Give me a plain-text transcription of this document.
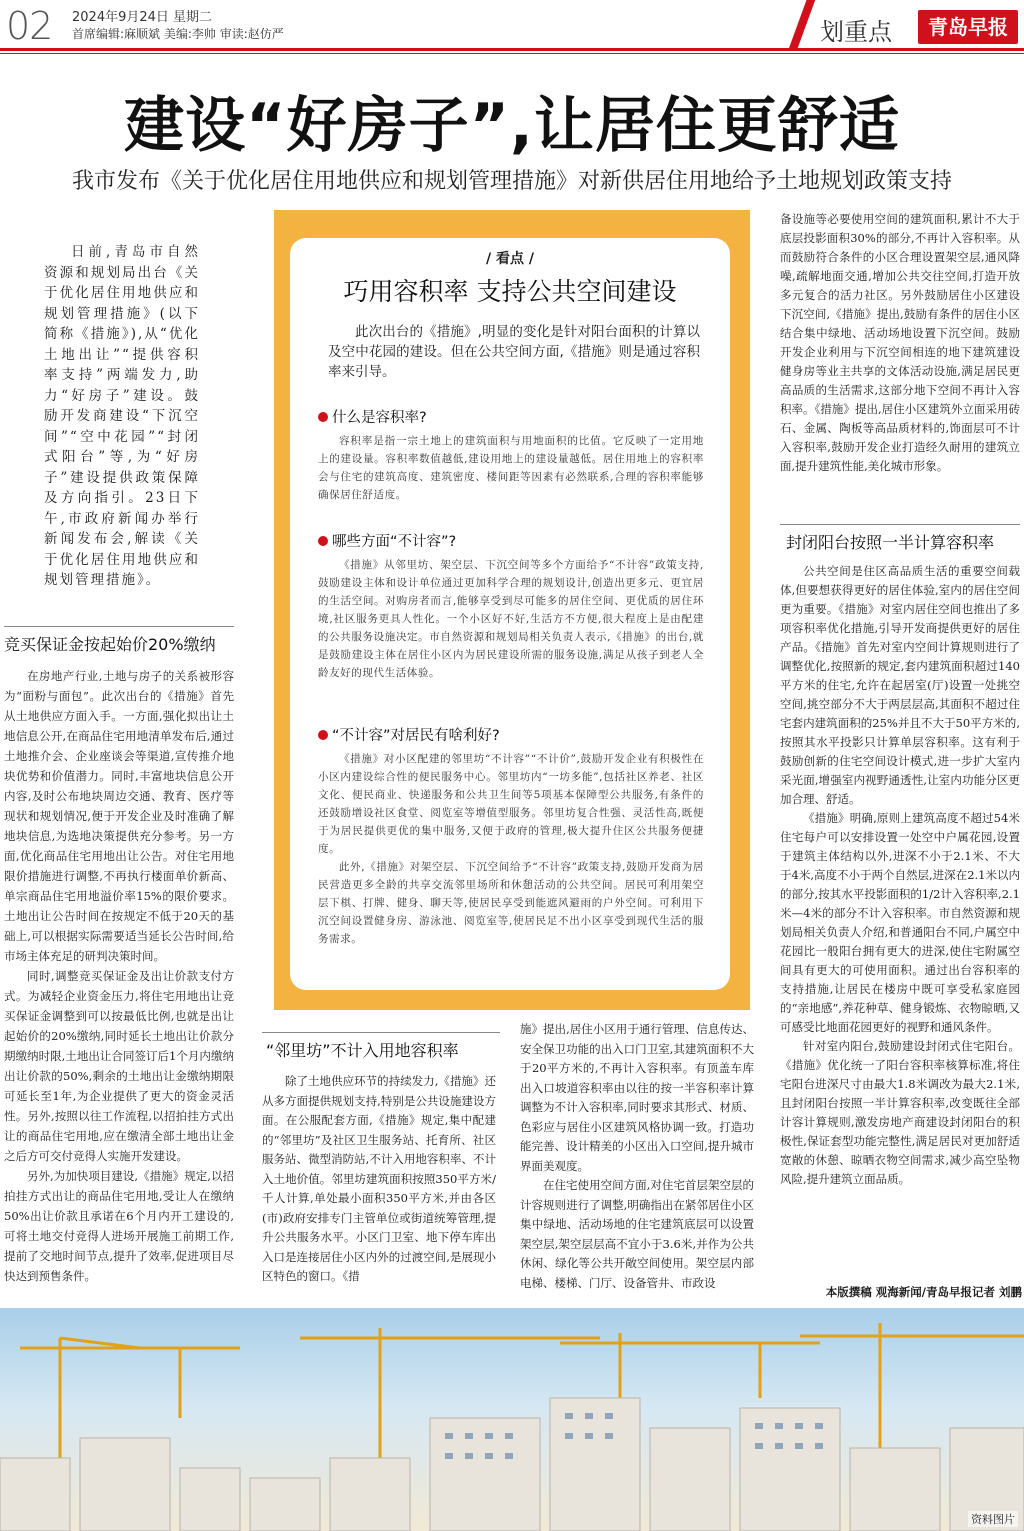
02 2024年9月24日 星期二
首席编辑:麻顺斌 美编:李帅 审读:赵仿严	划重点	青岛早报
建设“好房子”,让居住更舒适
我市发布《关于优化居住用地供应和规划管理措施》对新供居住用地给予土地规划政策支持

日前,青岛市自然资源和规划局出台《关于优化居住用地供应和规划管理措施》(以下简称《措施》),从“优化土地出让”“提供容积率支持”两端发力,助力“好房子”建设。鼓励开发商建设“下沉空间”“空中花园”“封闭式阳台”等,为“好房子”建设提供政策保障及方向指引。23日下午,市政府新闻办举行新闻发布会,解读《关于优化居住用地供应和规划管理措施》。

竞买保证金按起始价20%缴纳

在房地产行业,土地与房子的关系被形容为“面粉与面包”。此次出台的《措施》首先从土地供应方面入手。一方面,强化拟出让土地信息公开,在商品住宅用地清单发布后,通过土地推介会、企业座谈会等渠道,宣传推介地块优势和价值潜力。同时,丰富地块信息公开内容,及时公布地块周边交通、教育、医疗等现状和规划情况,便于开发企业及时准确了解地块信息,为选地决策提供充分参考。另一方面,优化商品住宅用地出让公告。对住宅用地限价措施进行调整,不再执行楼面单价新高、单宗商品住宅用地溢价率15%的限价要求。土地出让公告时间在按规定不低于20天的基础上,可以根据实际需要适当延长公告时间,给市场主体充足的研判决策时间。

同时,调整竞买保证金及出让价款支付方式。为减轻企业资金压力,将住宅用地出让竞买保证金调整到可以按最低比例,也就是出让起始价的20%缴纳,同时延长土地出让价款分期缴纳时限,土地出让合同签订后1个月内缴纳出让价款的50%,剩余的土地出让金缴纳期限可延长至1年,为企业提供了更大的资金灵活性。另外,按照以往工作流程,以招拍挂方式出让的商品住宅用地,应在缴清全部土地出让金之后方可交付竞得人实施开发建设。

另外,为加快项目建设,《措施》规定,以招拍挂方式出让的商品住宅用地,受让人在缴纳50%出让价款且承诺在6个月内开工建设的,可将土地交付竞得人进场开展施工前期工作,提前了交地时间节点,提升了效率,促进项目尽快达到预售条件。

/ 看点 /
巧用容积率 支持公共空间建设
此次出台的《措施》,明显的变化是针对阳台面积的计算以及空中花园的建设。但在公共空间方面,《措施》则是通过容积率来引导。
什么是容积率?

容积率是指一宗土地上的建筑面积与用地面积的比值。它反映了一定用地上的建设量。容积率数值越低,建设用地上的建设量越低。居住用地上的容积率会与住宅的建筑高度、建筑密度、楼间距等因素有必然联系,合理的容积率能够确保居住舒适度。

哪些方面“不计容”?

《措施》从邻里坊、架空层、下沉空间等多个方面给予“不计容”政策支持,鼓励建设主体和设计单位通过更加科学合理的规划设计,创造出更多元、更宜居的生活空间。对购房者而言,能够享受到尽可能多的居住空间、更优质的居住环境,社区服务更具人性化。一个小区好不好,生活方不方便,很大程度上是由配建的公共服务设施决定。市自然资源和规划局相关负责人表示,《措施》的出台,就是鼓励建设主体在居住小区内为居民建设所需的服务设施,满足从孩子到老人全龄友好的现代生活体验。

“不计容”对居民有啥利好?

《措施》对小区配建的邻里坊“不计容”“不计价”,鼓励开发企业有积极性在小区内建设综合性的便民服务中心。邻里坊内“一坊多能”,包括社区养老、社区文化、便民商业、快递服务和公共卫生间等5项基本保障型公共服务,有条件的还鼓励增设社区食堂、阅览室等增值型服务。邻里坊复合性强、灵活性高,既便于为居民提供更优的集中服务,又便于政府的管理,极大提升住区公共服务便捷度。

此外,《措施》对架空层、下沉空间给予“不计容”政策支持,鼓励开发商为居民营造更多全龄的共享交流邻里场所和休憩活动的公共空间。居民可利用架空层下棋、打牌、健身、聊天等,使居民享受到能遮风避雨的户外空间。可利用下沉空间设置健身房、游泳池、阅览室等,使居民足不出小区享受到现代生活的服务需求。

“邻里坊”不计入用地容积率

除了土地供应环节的持续发力,《措施》还从多方面提供规划支持,特别是公共设施建设方面。在公服配套方面,《措施》规定,集中配建的“邻里坊”及社区卫生服务站、托育所、社区服务站、微型消防站,不计入用地容积率、不计入土地价值。邻里坊建筑面积按照350平方米/千人计算,单处最小面积350平方米,并由各区(市)政府安排专门主管单位或街道统筹管理,提升公共服务水平。小区门卫室、地下停车库出入口是连接居住小区内外的过渡空间,是展现小区特色的窗口。《措

施》提出,居住小区用于通行管理、信息传达、安全保卫功能的出入口门卫室,其建筑面积不大于20平方米的,不再计入容积率。有顶盖车库出入口坡道容积率由以往的按一半容积率计算调整为不计入容积率,同时要求其形式、材质、色彩应与居住小区建筑风格协调一致。打造功能完善、设计精美的小区出入口空间,提升城市界面美观度。

在住宅使用空间方面,对住宅首层架空层的计容规则进行了调整,明确指出在紧邻居住小区集中绿地、活动场地的住宅建筑底层可以设置架空层,架空层层高不宜小于3.6米,并作为公共休闲、绿化等公共开敞空间使用。架空层内部电梯、楼梯、门厅、设备管井、市政设

备设施等必要使用空间的建筑面积,累计不大于底层投影面积30%的部分,不再计入容积率。从而鼓励符合条件的小区合理设置架空层,通风降噪,疏解地面交通,增加公共交往空间,打造开放多元复合的活力社区。另外鼓励居住小区建设下沉空间,《措施》提出,鼓励有条件的居住小区结合集中绿地、活动场地设置下沉空间。鼓励开发企业利用与下沉空间相连的地下建筑建设健身房等业主共享的文体活动设施,满足居民更高品质的生活需求,这部分地下空间不再计入容积率。《措施》提出,居住小区建筑外立面采用砖石、金属、陶板等高品质材料的,饰面层可不计入容积率,鼓励开发企业打造经久耐用的建筑立面,提升建筑性能,美化城市形象。

封闭阳台按照一半计算容积率

公共空间是住区高品质生活的重要空间载体,但要想获得更好的居住体验,室内的居住空间更为重要。《措施》对室内居住空间也推出了多项容积率优化措施,引导开发商提供更好的居住产品。《措施》首先对室内空间计算规则进行了调整优化,按照新的规定,套内建筑面积超过140平方米的住宅,允许在起居室(厅)设置一处挑空空间,挑空部分不大于两层层高,其面积不超过住宅套内建筑面积的25%并且不大于50平方米的,按照其水平投影只计算单层容积率。这有利于鼓励创新的住宅空间设计模式,进一步扩大室内采光面,增强室内视野通透性,让室内功能分区更加合理、舒适。

《措施》明确,原则上建筑高度不超过54米住宅每户可以安排设置一处空中户属花园,设置于建筑主体结构以外,进深不小于2.1米、不大于4米,高度不小于两个自然层,进深在2.1米以内的部分,按其水平投影面积的1/2计入容积率,2.1米—4米的部分不计入容积率。市自然资源和规划局相关负责人介绍,和普通阳台不同,户属空中花园比一般阳台拥有更大的进深,使住宅附属空间具有更大的可使用面积。通过出台容积率的支持措施,让居民在楼房中既可享受私家庭园的“亲地感”,养花种草、健身锻炼、衣物晾晒,又可感受比地面花园更好的视野和通风条件。

针对室内阳台,鼓励建设封闭式住宅阳台。《措施》优化统一了阳台容积率核算标准,将住宅阳台进深尺寸由最大1.8米调改为最大2.1米,且封闭阳台按照一半计算容积率,改变既往全部计容计算规则,激发房地产商建设封闭阳台的积极性,保证套型功能完整性,满足居民对更加舒适宽敞的休憩、晾晒衣物空间需求,减少高空坠物风险,提升建筑立面品质。

本版撰稿 观海新闻/青岛早报记者 刘鹏
资料图片
